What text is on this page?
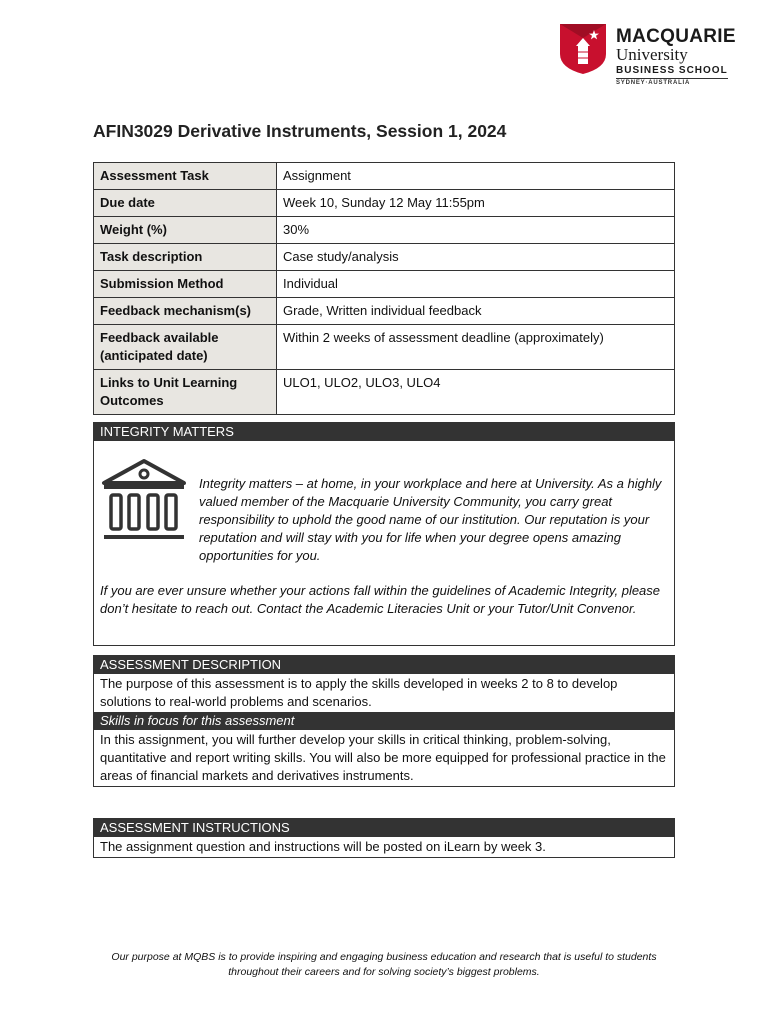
MACQUARIE
University
BUSINESS SCHOOL
SYDNEY·AUSTRALIA
AFIN3029 Derivative Instruments, Session 1, 2024
Assessment Task	Assignment
Due date	Week 10, Sunday 12 May 11:55pm
Weight (%)	30%
Task description	Case study/analysis
Submission Method	Individual
Feedback mechanism(s)	Grade, Written individual feedback
Feedback available (anticipated date)	Within 2 weeks of assessment deadline (approximately)
Links to Unit Learning Outcomes	ULO1, ULO2, ULO3, ULO4
INTEGRITY MATTERS
Integrity matters – at home, in your workplace and here at University. As a highly valued member of the Macquarie University Community, you carry great responsibility to uphold the good name of our institution. Our reputation is your reputation and will stay with you for life when your degree opens amazing opportunities for you.
If you are ever unsure whether your actions fall within the guidelines of Academic Integrity, please don’t hesitate to reach out. Contact the Academic Literacies Unit or your Tutor/Unit Convenor.
ASSESSMENT DESCRIPTION
The purpose of this assessment is to apply the skills developed in weeks 2 to 8 to develop solutions to real-world problems and scenarios.
Skills in focus for this assessment
In this assignment, you will further develop your skills in critical thinking, problem-solving, quantitative and report writing skills. You will also be more equipped for professional practice in the areas of financial markets and derivatives instruments.
ASSESSMENT INSTRUCTIONS
The assignment question and instructions will be posted on iLearn by week 3.
Our purpose at MQBS is to provide inspiring and engaging business education and research that is useful to students throughout their careers and for solving society’s biggest problems.
